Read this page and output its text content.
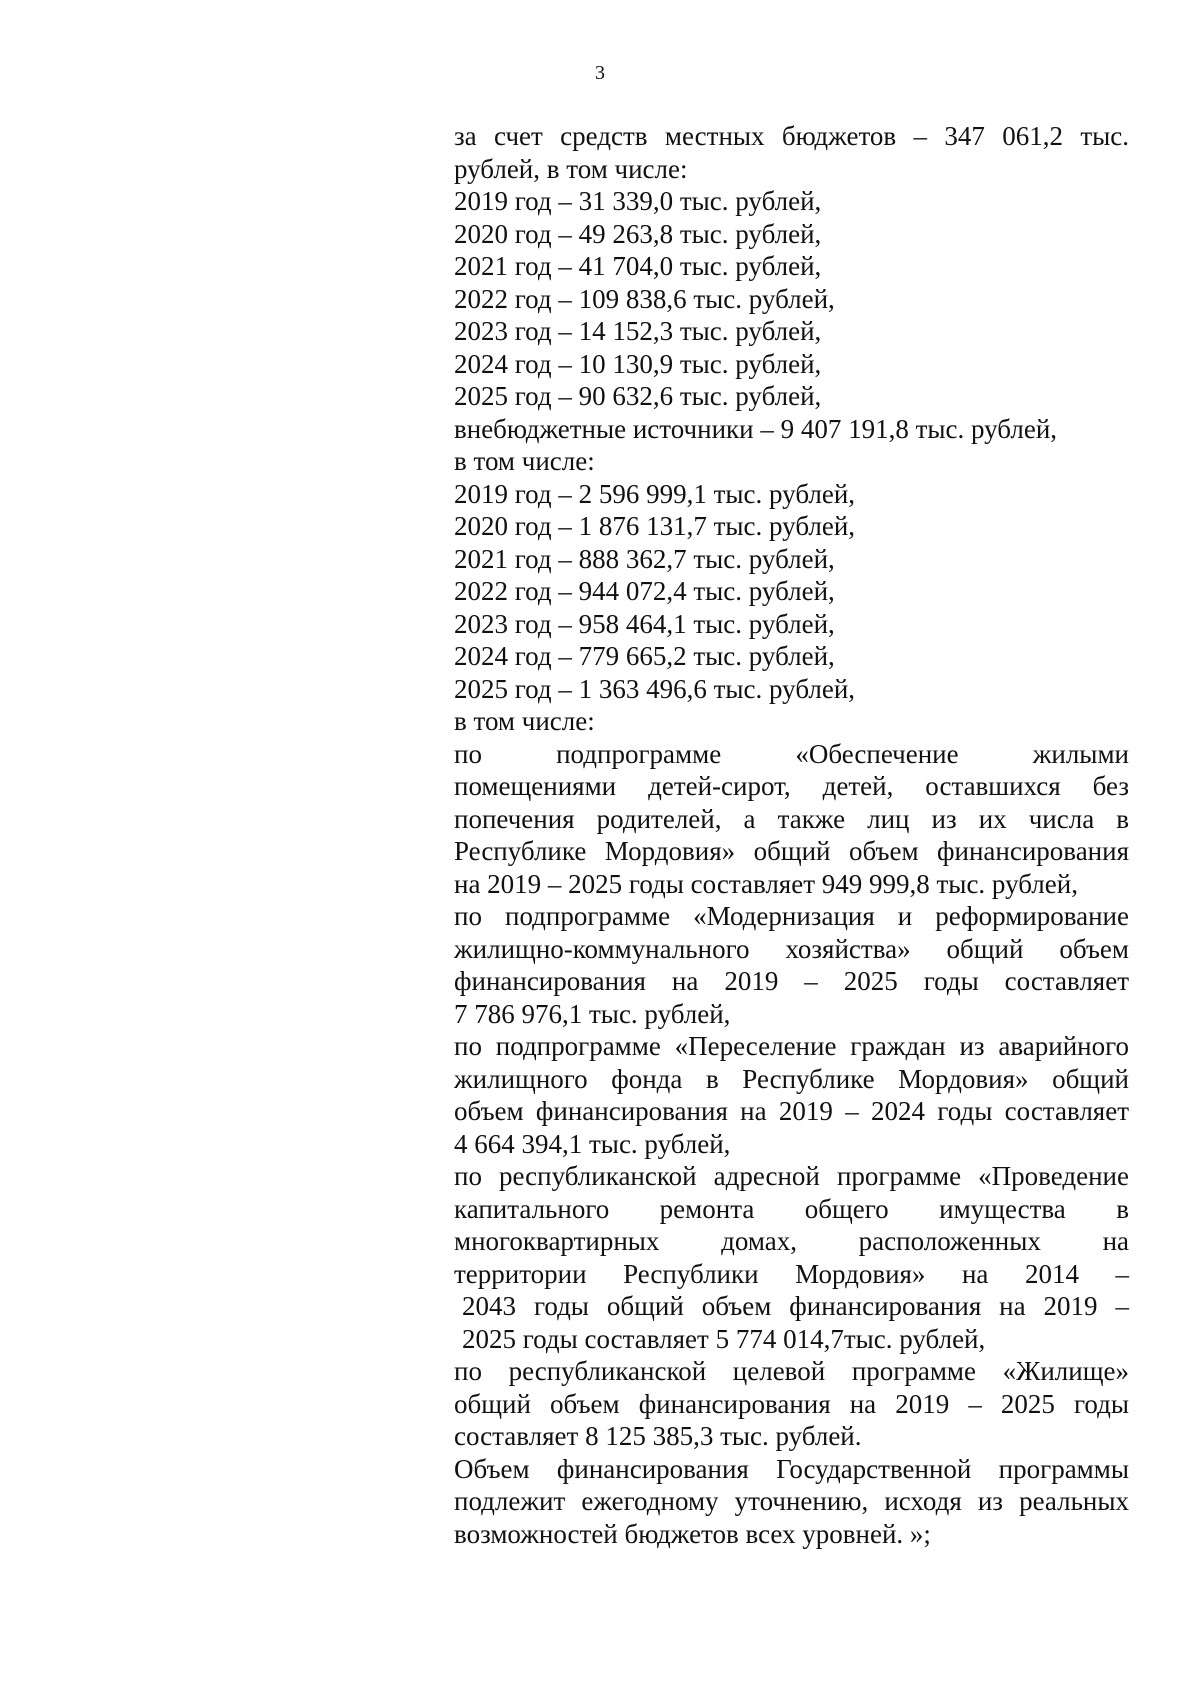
3
за счет средств местных бюджетов – 347 061,2 тыс.
рублей, в том числе:
2019 год – 31 339,0 тыс. рублей,
2020 год – 49 263,8 тыс. рублей,
2021 год – 41 704,0 тыс. рублей,
2022 год – 109 838,6 тыс. рублей,
2023 год – 14 152,3 тыс. рублей,
2024 год – 10 130,9 тыс. рублей,
2025 год – 90 632,6 тыс. рублей,
внебюджетные источники – 9 407 191,8 тыс. рублей,
в том числе:
2019 год – 2 596 999,1 тыс. рублей,
2020 год – 1 876 131,7 тыс. рублей,
2021 год – 888 362,7 тыс. рублей,
2022 год – 944 072,4 тыс. рублей,
2023 год – 958 464,1 тыс. рублей,
2024 год – 779 665,2 тыс. рублей,
2025 год – 1 363 496,6 тыс. рублей,
в том числе:
по подпрограмме «Обеспечение жилыми
помещениями детей-сирот, детей, оставшихся без
попечения родителей, а также лиц из их числа в
Республике Мордовия» общий объем финансирования
на 2019 – 2025 годы составляет 949 999,8 тыс. рублей,
по подпрограмме «Модернизация и реформирование
жилищно-коммунального хозяйства» общий объем
финансирования на 2019 – 2025 годы составляет
7 786 976,1 тыс. рублей,
по подпрограмме «Переселение граждан из аварийного
жилищного фонда в Республике Мордовия» общий
объем финансирования на 2019 – 2024 годы составляет
4 664 394,1 тыс. рублей,
по республиканской адресной программе «Проведение
капитального ремонта общего имущества в
многоквартирных домах, расположенных на
территории Республики Мордовия» на 2014 –
2043 годы общий объем финансирования на 2019 –
2025 годы составляет 5 774 014,7тыс. рублей,
по республиканской целевой программе «Жилище»
общий объем финансирования на 2019 – 2025 годы
составляет 8 125 385,3 тыс. рублей.
Объем финансирования Государственной программы
подлежит ежегодному уточнению, исходя из реальных
возможностей бюджетов всех уровней. »;
